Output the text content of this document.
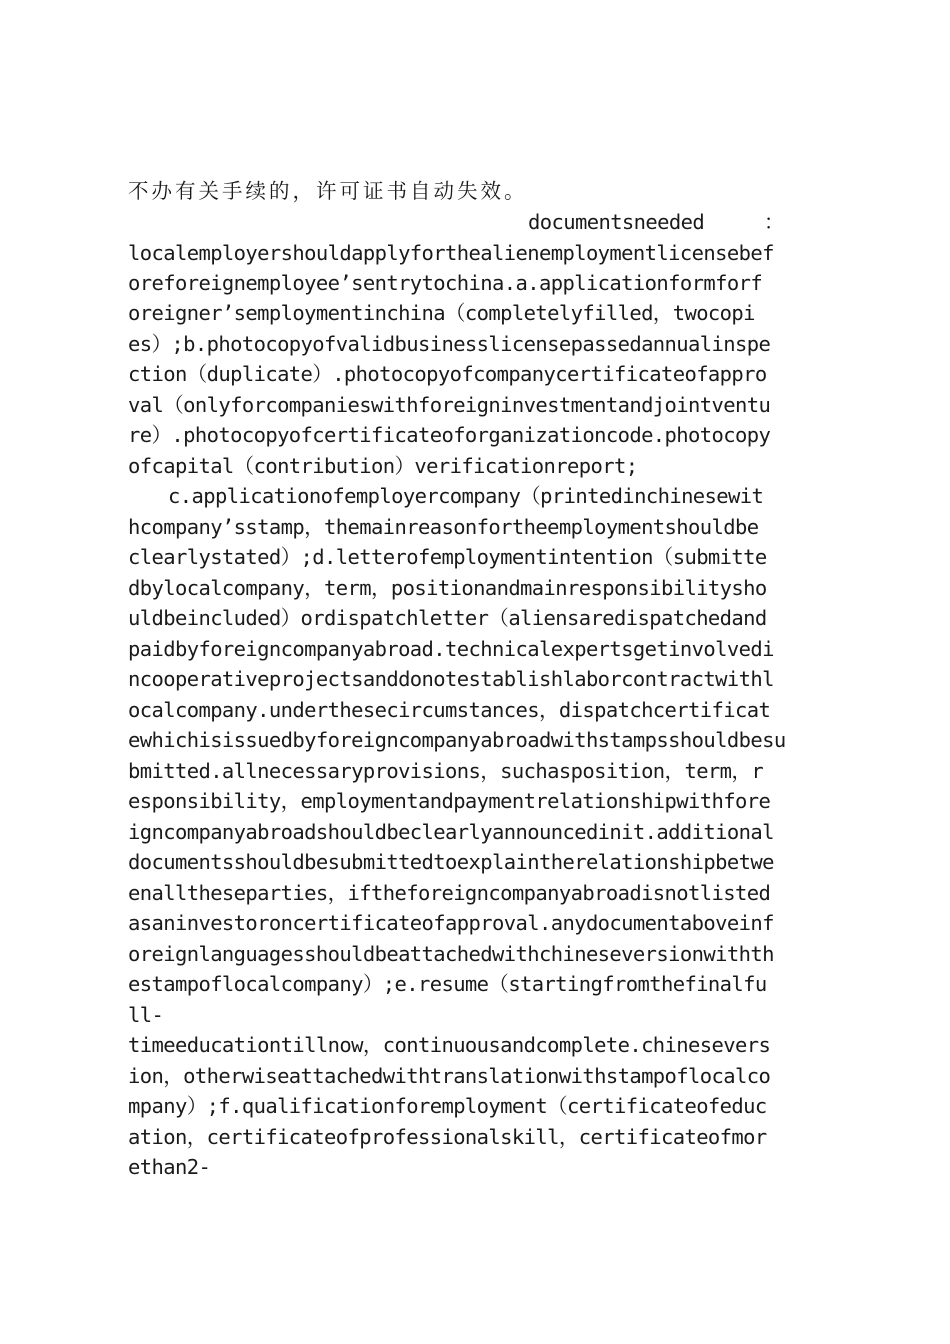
不办有关手续的，许可证书自动失效。
documentsneeded　　　：
localemployershouldapplyforthealienemploymentlicensebef
oreforeignemployee’sentrytochina.a.applicationformforf
oreigner’semploymentinchina（completelyfilled，twocopi
es）;b.photocopyofvalidbusinesslicensepassedannualinspe
ction（duplicate）.photocopyofcompanycertificateofappro
val（onlyforcompanieswithforeigninvestmentandjointventu
re）.photocopyofcertificateoforganizationcode.photocopy
ofcapital（contribution）verificationreport;
c.applicationofemployercompany（printedinchinesewit
hcompany’sstamp，themainreasonfortheemploymentshouldbe
clearlystated）;d.letterofemploymentintention（submitte
dbylocalcompany，term，positionandmainresponsibilitysho
uldbeincluded）ordispatchletter（aliensaredispatchedand
paidbyforeigncompanyabroad.technicalexpertsgetinvolvedi
ncooperativeprojectsanddonotestablishlaborcontractwithl
ocalcompany.underthesecircumstances，dispatchcertificat
ewhichisissuedbyforeigncompanyabroadwithstampsshouldbesu
bmitted.allnecessaryprovisions，suchasposition，term，r
esponsibility，employmentandpaymentrelationshipwithfore
igncompanyabroadshouldbeclearlyannouncedinit.additional
documentsshouldbesubmittedtoexplaintherelationshipbetwe
enalltheseparties，iftheforeigncompanyabroadisnotlisted
asaninvestoroncertificateofapproval.anydocumentaboveinf
oreignlanguagesshouldbeattachedwithchineseversionwithth
estampoflocalcompany）;e.resume（startingfromthefinalfu
ll-
timeeducationtillnow，continuousandcomplete.chinesevers
ion，otherwiseattachedwithtranslationwithstampoflocalco
mpany）;f.qualificationforemployment（certificateofeduc
ation，certificateofprofessionalskill，certificateofmor
ethan2-
